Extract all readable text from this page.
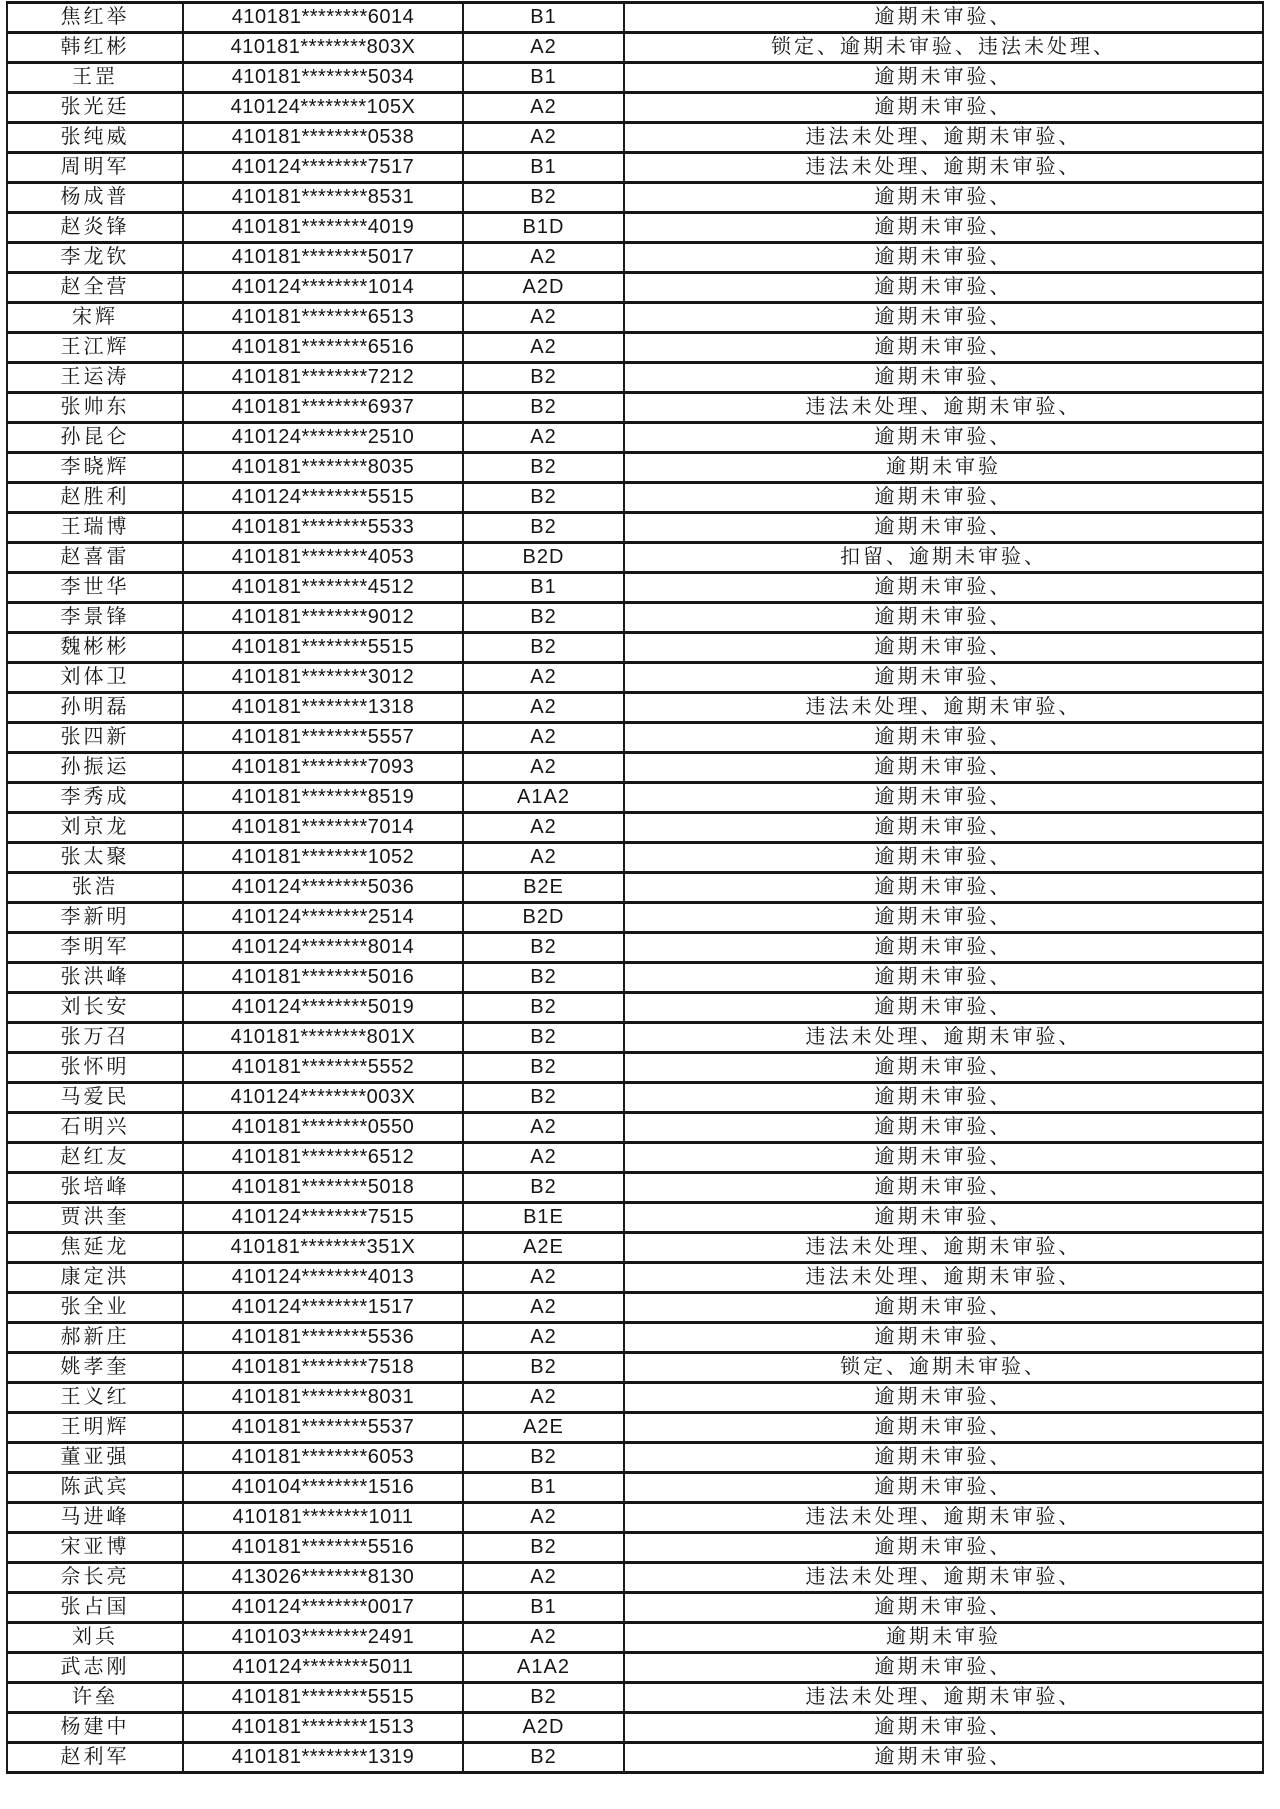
焦红举	410181********6014	B1	逾期未审验、
韩红彬	410181********803X	A2	锁定、逾期未审验、违法未处理、
王罡	410181********5034	B1	逾期未审验、
张光廷	410124********105X	A2	逾期未审验、
张纯威	410181********0538	A2	违法未处理、逾期未审验、
周明军	410124********7517	B1	违法未处理、逾期未审验、
杨成普	410181********8531	B2	逾期未审验、
赵炎锋	410181********4019	B1D	逾期未审验、
李龙钦	410181********5017	A2	逾期未审验、
赵全营	410124********1014	A2D	逾期未审验、
宋辉	410181********6513	A2	逾期未审验、
王江辉	410181********6516	A2	逾期未审验、
王运涛	410181********7212	B2	逾期未审验、
张帅东	410181********6937	B2	违法未处理、逾期未审验、
孙昆仑	410124********2510	A2	逾期未审验、
李晓辉	410181********8035	B2	逾期未审验
赵胜利	410124********5515	B2	逾期未审验、
王瑞博	410181********5533	B2	逾期未审验、
赵喜雷	410181********4053	B2D	扣留、逾期未审验、
李世华	410181********4512	B1	逾期未审验、
李景锋	410181********9012	B2	逾期未审验、
魏彬彬	410181********5515	B2	逾期未审验、
刘体卫	410181********3012	A2	逾期未审验、
孙明磊	410181********1318	A2	违法未处理、逾期未审验、
张四新	410181********5557	A2	逾期未审验、
孙振运	410181********7093	A2	逾期未审验、
李秀成	410181********8519	A1A2	逾期未审验、
刘京龙	410181********7014	A2	逾期未审验、
张太聚	410181********1052	A2	逾期未审验、
张浩	410124********5036	B2E	逾期未审验、
李新明	410124********2514	B2D	逾期未审验、
李明军	410124********8014	B2	逾期未审验、
张洪峰	410181********5016	B2	逾期未审验、
刘长安	410124********5019	B2	逾期未审验、
张万召	410181********801X	B2	违法未处理、逾期未审验、
张怀明	410181********5552	B2	逾期未审验、
马爱民	410124********003X	B2	逾期未审验、
石明兴	410181********0550	A2	逾期未审验、
赵红友	410181********6512	A2	逾期未审验、
张培峰	410181********5018	B2	逾期未审验、
贾洪奎	410124********7515	B1E	逾期未审验、
焦延龙	410181********351X	A2E	违法未处理、逾期未审验、
康定洪	410124********4013	A2	违法未处理、逾期未审验、
张全业	410124********1517	A2	逾期未审验、
郝新庄	410181********5536	A2	逾期未审验、
姚孝奎	410181********7518	B2	锁定、逾期未审验、
王义红	410181********8031	A2	逾期未审验、
王明辉	410181********5537	A2E	逾期未审验、
董亚强	410181********6053	B2	逾期未审验、
陈武宾	410104********1516	B1	逾期未审验、
马进峰	410181********1011	A2	违法未处理、逾期未审验、
宋亚博	410181********5516	B2	逾期未审验、
佘长亮	413026********8130	A2	违法未处理、逾期未审验、
张占国	410124********0017	B1	逾期未审验、
刘兵	410103********2491	A2	逾期未审验
武志刚	410124********5011	A1A2	逾期未审验、
许垒	410181********5515	B2	违法未处理、逾期未审验、
杨建中	410181********1513	A2D	逾期未审验、
赵利军	410181********1319	B2	逾期未审验、
